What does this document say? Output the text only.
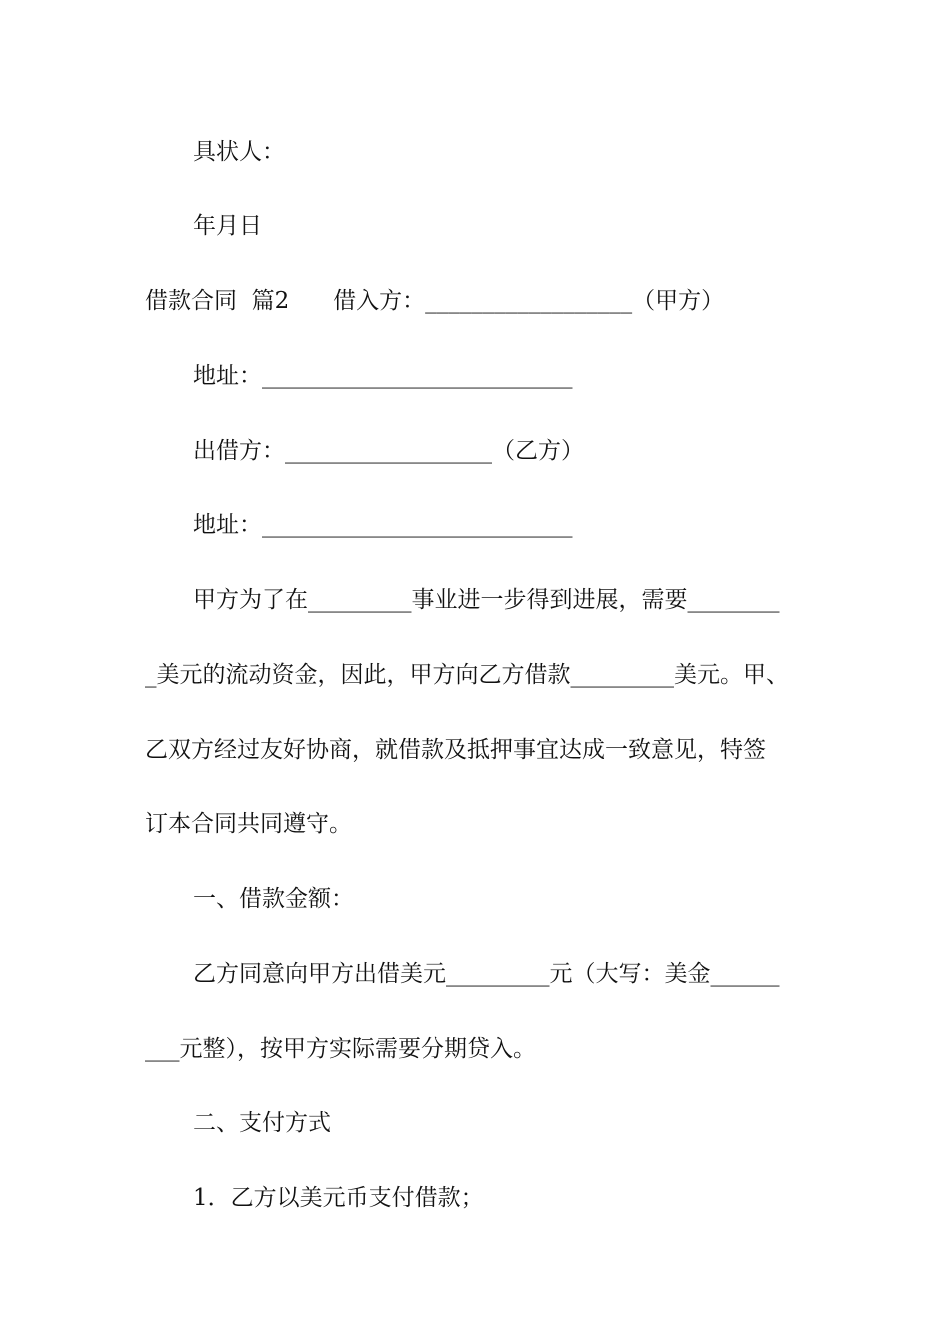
具状人：
年月日
借款合同  篇2      借入方：__________________（甲方）
地址：___________________________
出借方：__________________（乙方）
地址：___________________________
甲方为了在_________事业进一步得到进展，需要________
_美元的流动资金，因此，甲方向乙方借款_________美元。甲、
乙双方经过友好协商，就借款及抵押事宜达成一致意见，特签
订本合同共同遵守。
一、借款金额：
乙方同意向甲方出借美元_________元（大写：美金______
___元整），按甲方实际需要分期贷入。
二、支付方式
1．乙方以美元币支付借款；
